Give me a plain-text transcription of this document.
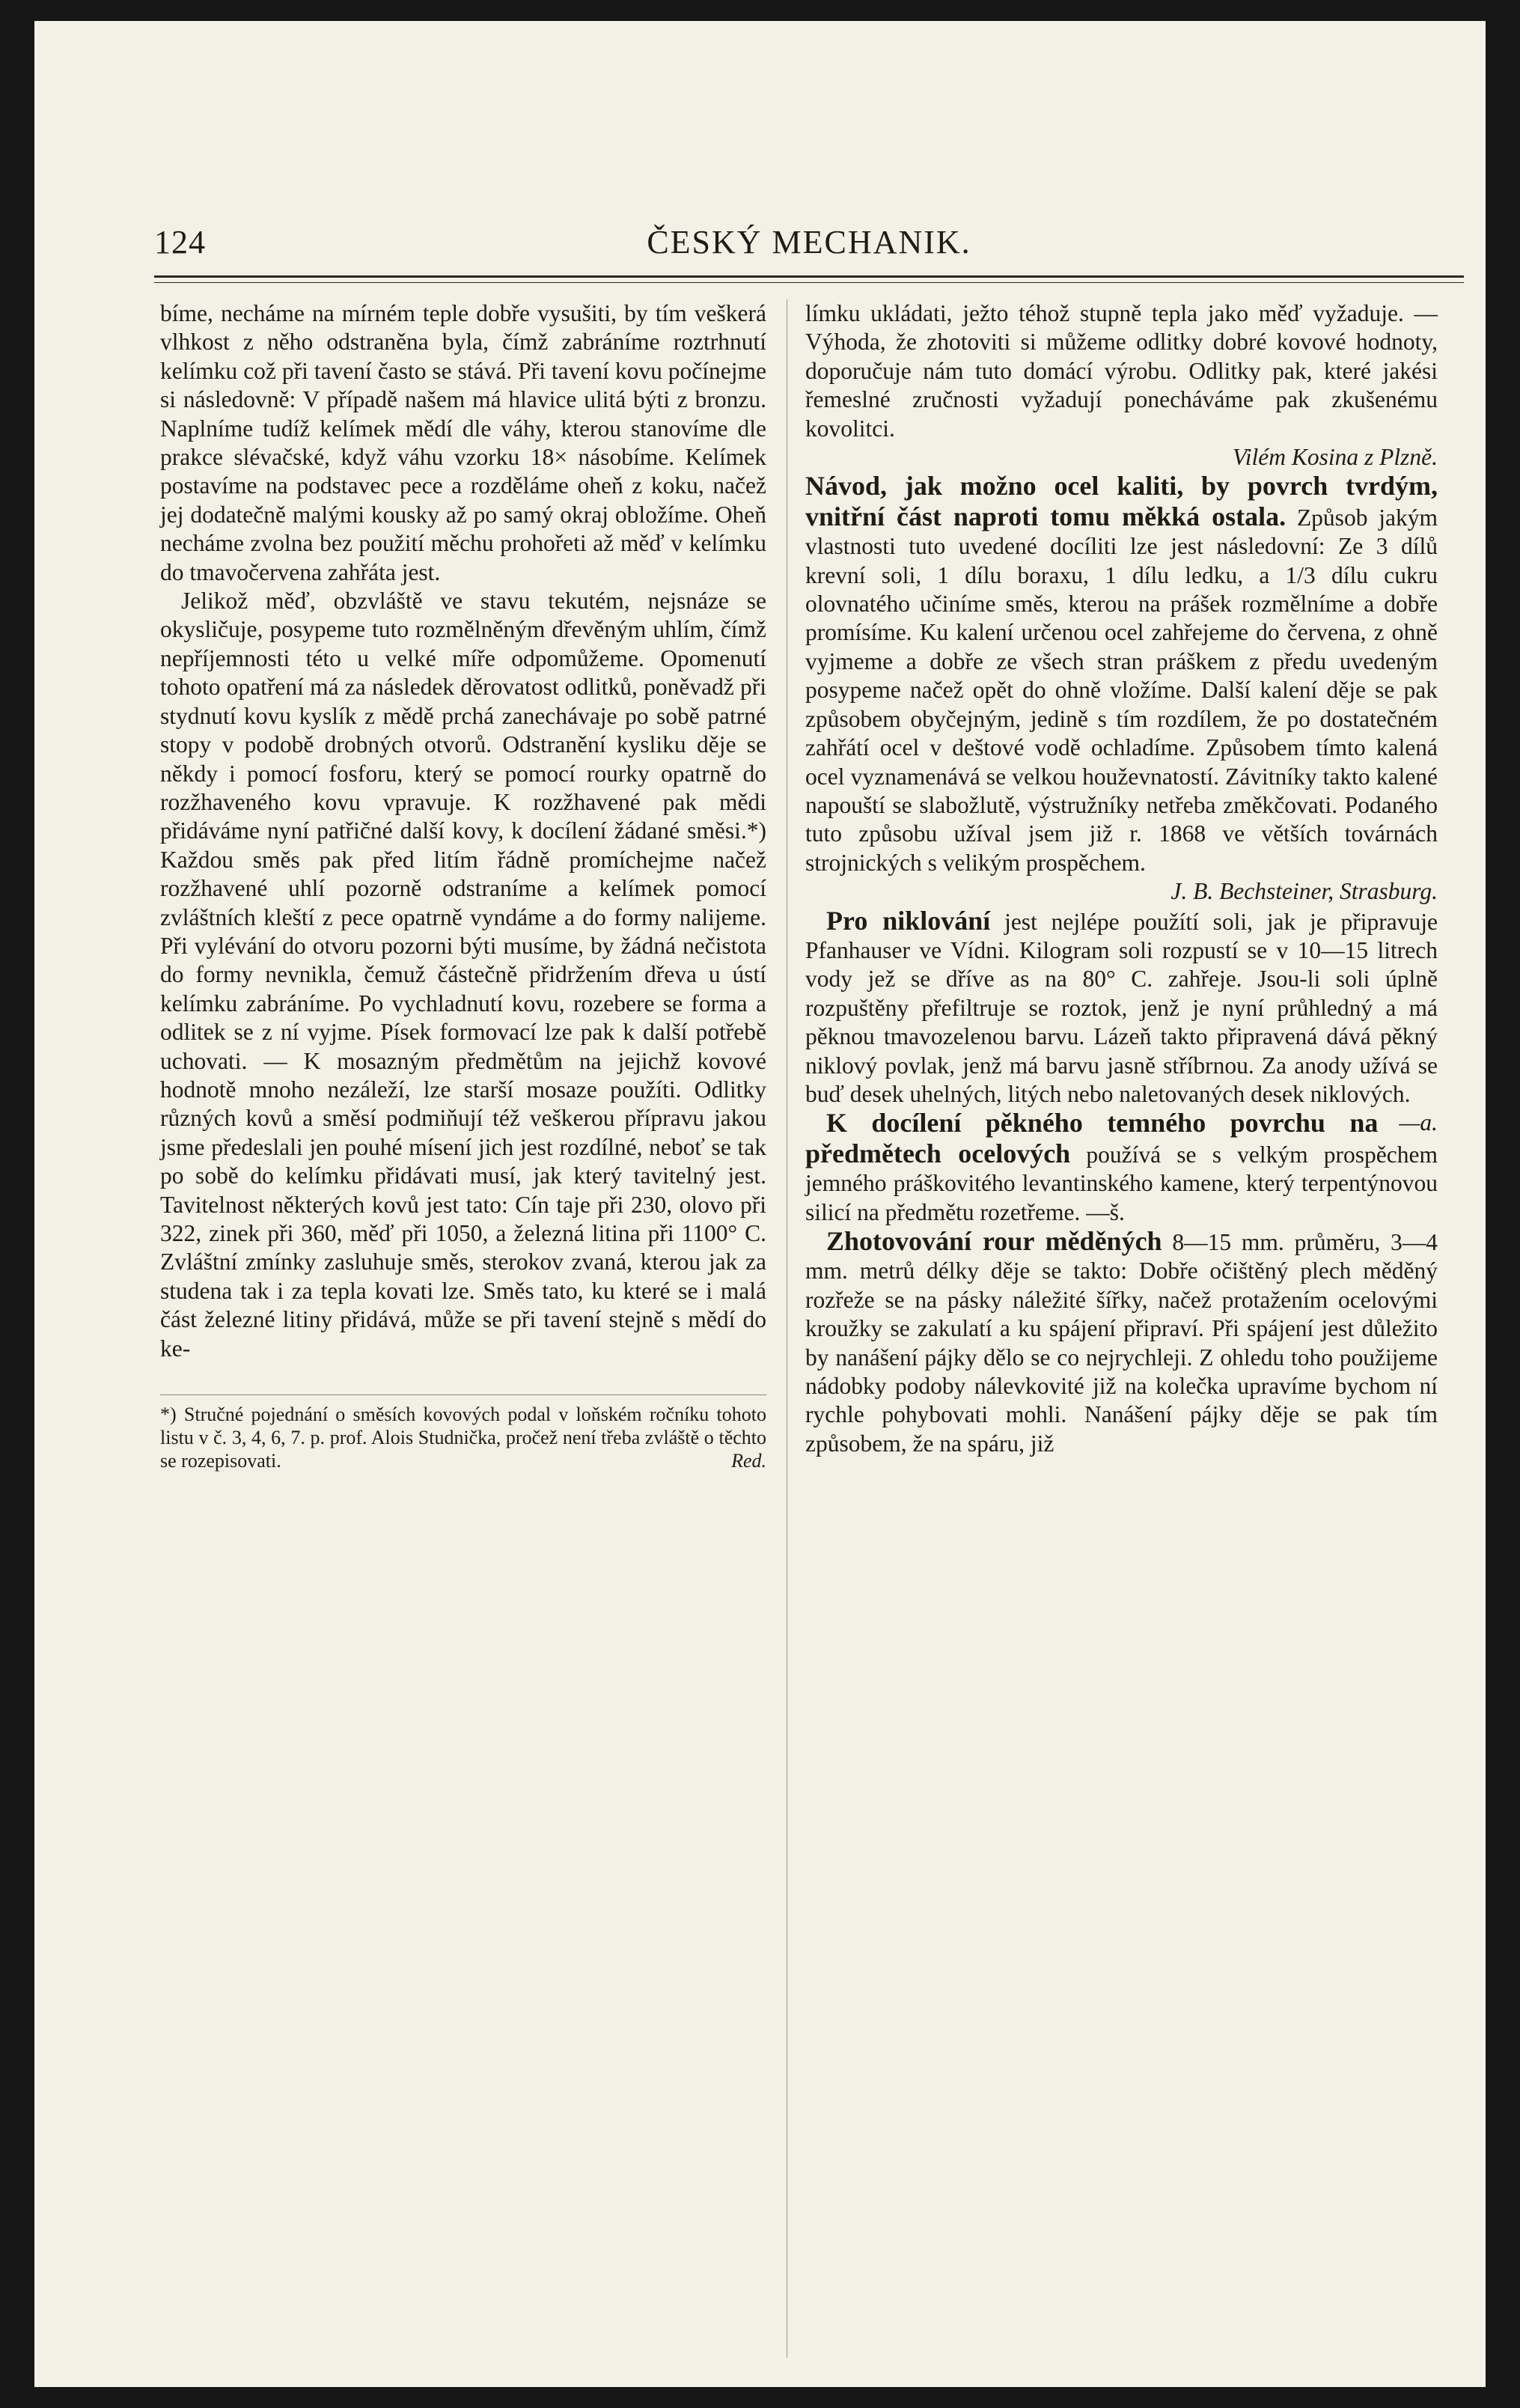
124	ČESKÝ MECHANIK.

bíme, necháme na mírném teple dobře vysušiti, by tím veškerá vlhkost z něho odstraněna byla, čímž zabráníme roztrhnutí kelímku což při tavení často se stává. Při tavení kovu počínejme si následovně: V případě našem má hlavice ulitá býti z bronzu. Naplníme tudíž kelímek mědí dle váhy, kterou stanovíme dle prakce slévačské, když váhu vzorku 18× násobíme. Kelímek postavíme na podstavec pece a rozděláme oheň z koku, načež jej dodatečně malými kousky až po samý okraj obložíme. Oheň necháme zvolna bez použití měchu prohořeti až měď v kelímku do tmavočervena zahřáta jest.

Jelikož měď, obzvláště ve stavu tekutém, nejsnáze se okysličuje, posypeme tuto rozmělněným dřevěným uhlím, čímž nepříjemnosti této u velké míře odpomůžeme. Opomenutí tohoto opatření má za následek děrovatost odlitků, poněvadž při stydnutí kovu kyslík z mědě prchá zanechávaje po sobě patrné stopy v podobě drobných otvorů. Odstranění kysliku děje se někdy i pomocí fosforu, který se pomocí rourky opatrně do rozžhaveného kovu vpravuje. K rozžhavené pak mědi přidáváme nyní patřičné další kovy, k docílení žádané směsi.*) Každou směs pak před litím řádně promíchejme načež rozžhavené uhlí pozorně odstraníme a kelímek pomocí zvláštních kleští z pece opatrně vyndáme a do formy nalijeme. Při vylévání do otvoru pozorni býti musíme, by žádná nečistota do formy nevnikla, čemuž částečně přidržením dřeva u ústí kelímku zabráníme. Po vychladnutí kovu, rozebere se forma a odlitek se z ní vyjme. Písek formovací lze pak k další potřebě uchovati. — K mosazným předmětům na jejichž kovové hodnotě mnoho nezáleží, lze starší mosaze použíti. Odlitky různých kovů a směsí podmiňují též veškerou přípravu jakou jsme předeslali jen pouhé mísení jich jest rozdílné, neboť se tak po sobě do kelímku přidávati musí, jak který tavitelný jest. Tavitelnost některých kovů jest tato: Cín taje při 230, olovo při 322, zinek při 360, měď při 1050, a železná litina při 1100° C. Zvláštní zmínky zasluhuje směs, sterokov zvaná, kterou jak za studena tak i za tepla kovati lze. Směs tato, ku které se i malá část železné litiny přidává, může se při tavení stejně s mědí do ke-

*) Stručné pojednání o směsích kovových podal v loňském ročníku tohoto listu v č. 3, 4, 6, 7. p. prof. Alois Studnička, pročež není třeba zvláště o těchto se rozepisovati.	Red.

límku ukládati, ježto téhož stupně tepla jako měď vyžaduje. — Výhoda, že zhotoviti si můžeme odlitky dobré kovové hodnoty, doporučuje nám tuto domácí výrobu. Odlitky pak, které jakési řemeslné zručnosti vyžadují ponecháváme pak zkušenému kovolitci.

Vilém Kosina z Plzně.

Návod, jak možno ocel kaliti, by povrch tvrdým, vnitřní část naproti tomu měkká ostala. Způsob jakým vlastnosti tuto uvedené docíliti lze jest následovní: Ze 3 dílů krevní soli, 1 dílu boraxu, 1 dílu ledku, a 1/3 dílu cukru olovnatého učiníme směs, kterou na prášek rozmělníme a dobře promísíme. Ku kalení určenou ocel zahřejeme do červena, z ohně vyjmeme a dobře ze všech stran práškem z předu uvedeným posypeme načež opět do ohně vložíme. Další kalení děje se pak způsobem obyčejným, jedině s tím rozdílem, že po dostatečném zahřátí ocel v deštové vodě ochladíme. Způsobem tímto kalená ocel vyznamenává se velkou houževnatostí. Závitníky takto kalené napouští se slabožlutě, výstružníky netřeba změkčovati. Podaného tuto způsobu užíval jsem již r. 1868 ve větších továrnách strojnických s velikým prospěchem.

J. B. Bechsteiner, Strasburg.

Pro niklování jest nejlépe použítí soli, jak je připravuje Pfanhauser ve Vídni. Kilogram soli rozpustí se v 10—15 litrech vody jež se dříve as na 80° C. zahřeje. Jsou-li soli úplně rozpuštěny přefiltruje se roztok, jenž je nyní průhledný a má pěknou tmavozelenou barvu. Lázeň takto připravená dává pěkný niklový povlak, jenž má barvu jasně stříbrnou. Za anody užívá se buď desek uhelných, litých nebo naletovaných desek niklových.
—a.

K docílení pěkného temného povrchu na předmětech ocelových používá se s velkým prospěchem jemného práškovitého levantinského kamene, který terpentýnovou silicí na předmětu rozetřeme. —š.

Zhotovování rour měděných 8—15 mm. průměru, 3—4 mm. metrů délky děje se takto: Dobře očištěný plech měděný rozřeže se na pásky náležité šířky, načež protažením ocelovými kroužky se zakulatí a ku spájení připraví. Při spájení jest důležito by nanášení pájky dělo se co nejrychleji. Z ohledu toho použijeme nádobky podoby nálevkovité již na kolečka upravíme bychom ní rychle pohybovati mohli. Nanášení pájky děje se pak tím způsobem, že na spáru, již
